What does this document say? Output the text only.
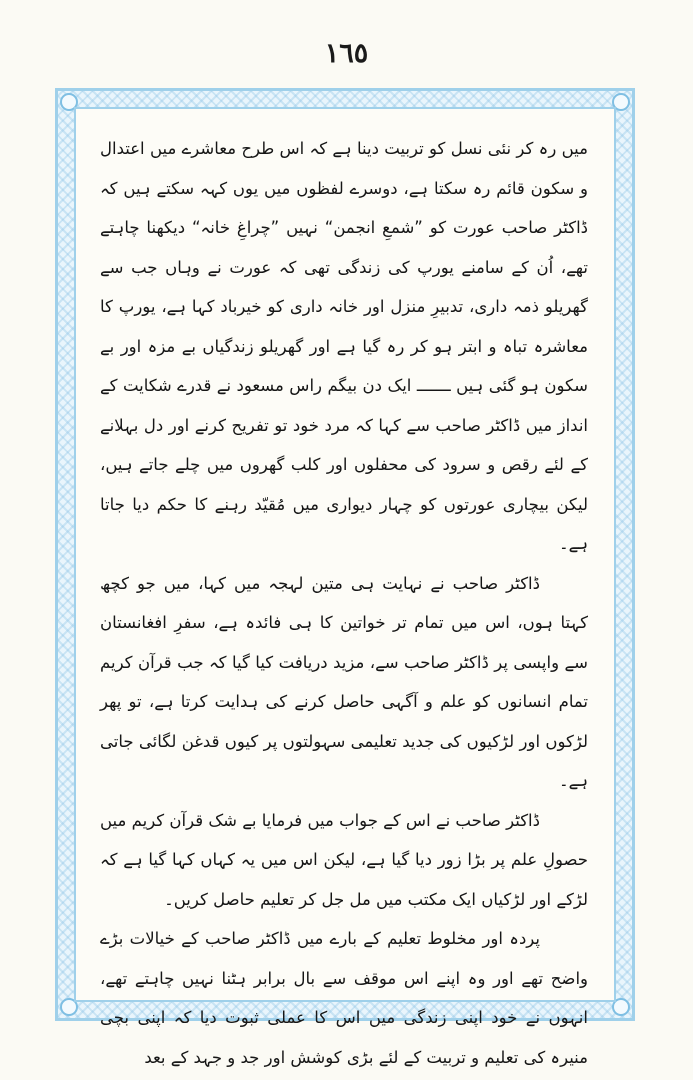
١٦٥

میں رہ کر نئی نسل کو تربیت دینا ہے کہ اس طرح معاشرے میں اعتدال و سکون قائم رہ سکتا ہے، دوسرے لفظوں میں یوں کہہ سکتے ہیں کہ ڈاکٹر صاحب عورت کو ”شمعِ انجمن“ نہیں ”چراغِ خانہ“ دیکھنا چاہتے تھے، اُن کے سامنے یورپ کی زندگی تھی کہ عورت نے وہاں جب سے گھریلو ذمہ داری، تدبیرِ منزل اور خانہ داری کو خیرباد کہا ہے، یورپ کا معاشرہ تباہ و ابتر ہو کر رہ گیا ہے اور گھریلو زندگیاں بے مزہ اور بے سکون ہو گئی ہیں ـــــــ ایک دن بیگم راس مسعود نے قدرے شکایت کے انداز میں ڈاکٹر صاحب سے کہا کہ مرد خود تو تفریح کرنے اور دل بہلانے کے لئے رقص و سرود کی محفلوں اور کلب گھروں میں چلے جاتے ہیں، لیکن بیچاری عورتوں کو چہار دیواری میں مُقیّد رہنے کا حکم دیا جاتا ہے۔

ڈاکٹر صاحب نے نہایت ہی متین لہجہ میں کہا، میں جو کچھ کہتا ہوں، اس میں تمام تر خواتین کا ہی فائدہ ہے، سفرِ افغانستان سے واپسی پر ڈاکٹر صاحب سے، مزید دریافت کیا گیا کہ جب قرآن کریم تمام انسانوں کو علم و آگہی حاصل کرنے کی ہدایت کرتا ہے، تو پھر لڑکوں اور لڑکیوں کی جدید تعلیمی سہولتوں پر کیوں قدغن لگائی جاتی ہے۔

ڈاکٹر صاحب نے اس کے جواب میں فرمایا بے شک قرآن کریم میں حصولِ علم پر بڑا زور دیا گیا ہے، لیکن اس میں یہ کہاں کہا گیا ہے کہ لڑکے اور لڑکیاں ایک مکتب میں مل جل کر تعلیم حاصل کریں۔

پردہ اور مخلوط تعلیم کے بارے میں ڈاکٹر صاحب کے خیالات بڑے واضح تھے اور وہ اپنے اس موقف سے بال برابر ہٹنا نہیں چاہتے تھے، انہوں نے خود اپنی زندگی میں اس کا عملی ثبوت دیا کہ اپنی بچی منیرہ کی تعلیم و تربیت کے لئے بڑی کوشش اور جد و جہد کے بعد
